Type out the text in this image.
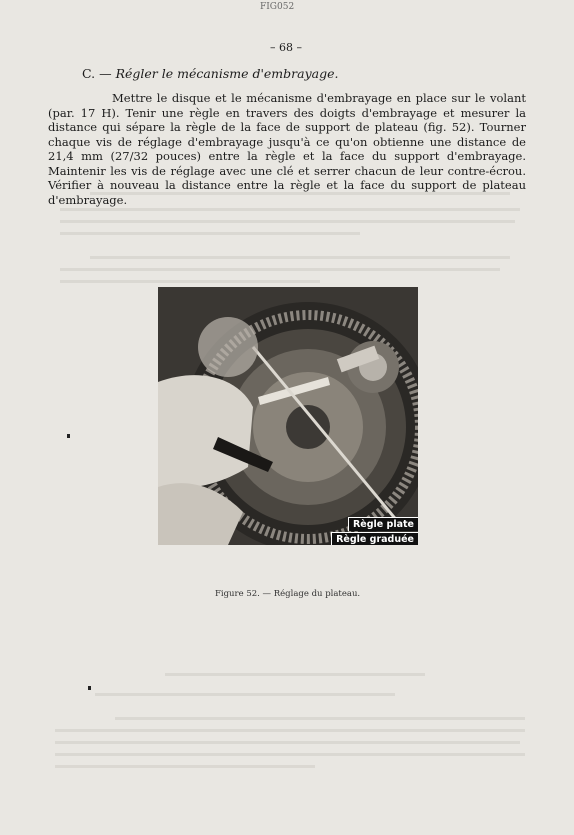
FIG052
– 68 –
C. — Régler le mécanisme d'embrayage.

Mettre le disque et le mécanisme d'embrayage en place sur le volant (par. 17 H). Tenir une règle en travers des doigts d'embrayage et mesurer la distance qui sépare la règle de la face de support de plateau (fig. 52). Tourner chaque vis de réglage d'embrayage jusqu'à ce qu'on obtienne une distance de 21,4 mm (27/32 pouces) entre la règle et la face du support d'embrayage. Maintenir les vis de réglage avec une clé et serrer chacun de leur contre-écrou. Vérifier à nouveau la distance entre la règle et la face du support de plateau d'embrayage.

Règle plate
Règle graduée
Figure 52. — Réglage du plateau.
